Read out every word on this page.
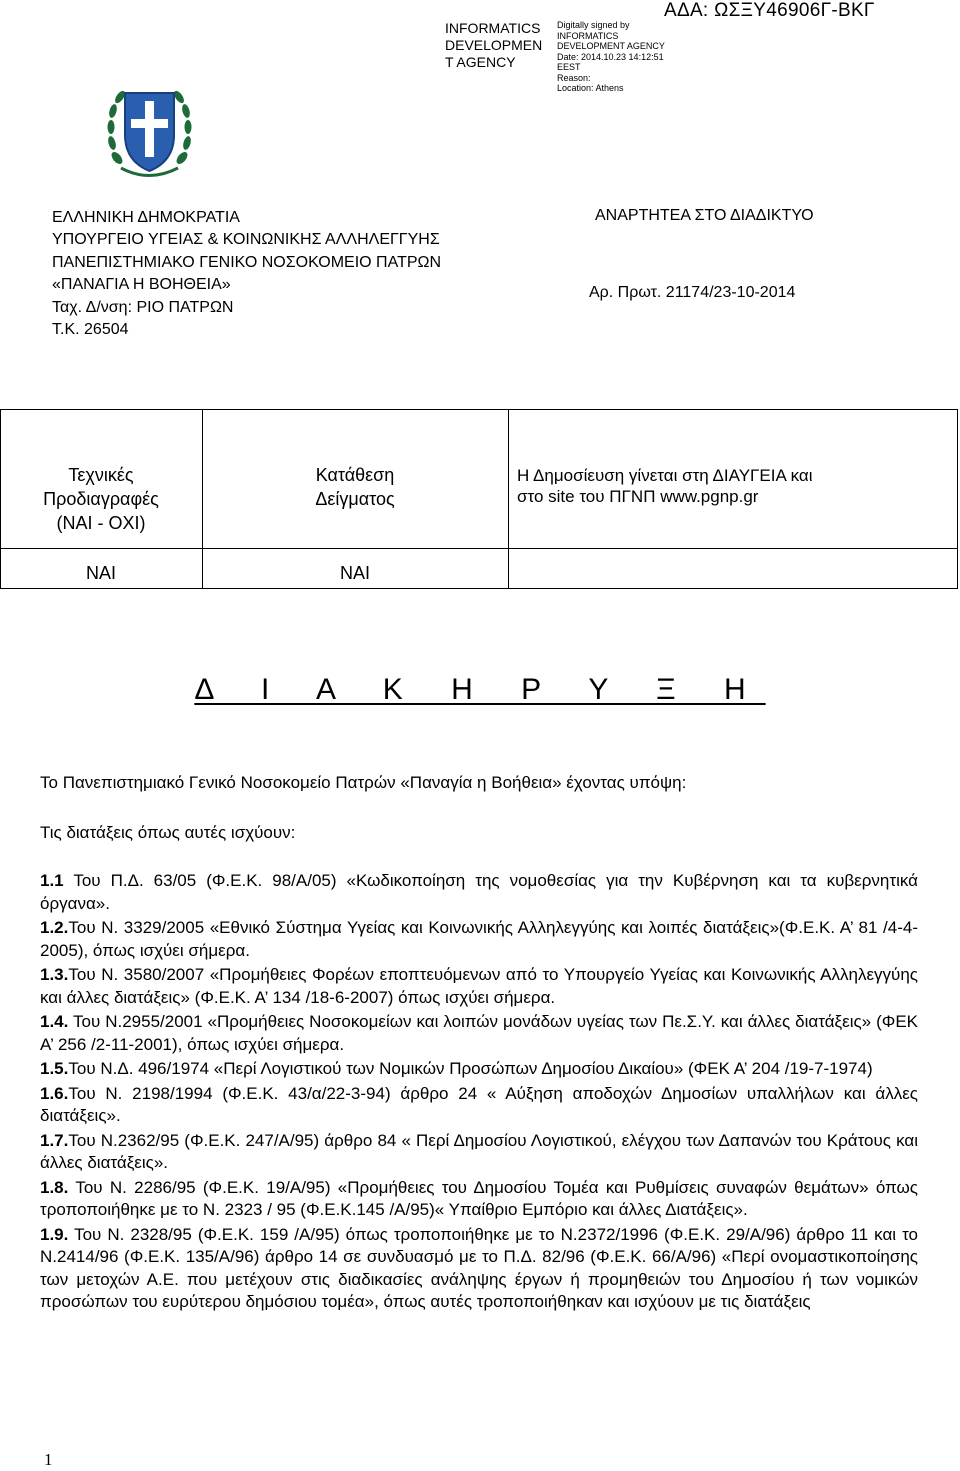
INFORMATICS
DEVELOPMEN
T AGENCY
Digitally signed by
INFORMATICS
DEVELOPMENT AGENCY
Date: 2014.10.23 14:12:51
EEST
Reason:
Location: Athens
ΑΔΑ: ΩΣΞΥ46906Γ-ΒΚΓ
ΕΛΛΗΝΙΚΗ ΔΗΜΟΚΡΑΤΙΑ
ΥΠΟΥΡΓΕΙΟ ΥΓΕΙΑΣ & ΚΟΙΝΩΝΙΚΗΣ ΑΛΛΗΛΕΓΓΥΗΣ
ΠΑΝΕΠΙΣΤΗΜΙΑΚΟ ΓΕΝΙΚΟ ΝΟΣΟΚΟΜΕΙΟ ΠΑΤΡΩΝ
«ΠΑΝΑΓΙΑ Η ΒΟΗΘΕΙΑ»
Ταχ. Δ/νση: ΡΙΟ ΠΑΤΡΩΝ
Τ.Κ. 26504
ΑΝΑΡΤΗΤΕΑ ΣΤΟ ΔΙΑΔΙΚΤΥΟ
Αρ. Πρωτ. 21174/23-10-2014
Τεχνικές
Προδιαγραφές
(ΝΑΙ - ΟΧΙ)
Κατάθεση
Δείγματος
Η Δημοσίευση γίνεται στη ΔΙΑΥΓΕΙΑ και
στο site του ΠΓΝΠ www.pgnp.gr
ΝΑΙ	ΝΑΙ
Δ Ι Α Κ Η Ρ Υ Ξ Η
Το Πανεπιστημιακό Γενικό Νοσοκομείο Πατρών «Παναγία η Βοήθεια» έχοντας υπόψη:
Τις διατάξεις όπως αυτές ισχύουν:
1.1 Του Π.Δ. 63/05 (Φ.Ε.Κ. 98/Α/05) «Κωδικοποίηση της νομοθεσίας για την Κυβέρνηση και τα κυβερνητικά όργανα».
1.2.Του Ν. 3329/2005 «Εθνικό Σύστημα Υγείας και Κοινωνικής Αλληλεγγύης και λοιπές διατάξεις»(Φ.Ε.Κ. Α’ 81 /4-4-2005), όπως ισχύει σήμερα.
1.3.Του Ν. 3580/2007 «Προμήθειες Φορέων εποπτευόμενων από το Υπουργείο Υγείας και Κοινωνικής Αλληλεγγύης και άλλες διατάξεις» (Φ.Ε.Κ. Α’ 134 /18-6-2007) όπως ισχύει σήμερα.
1.4. Του Ν.2955/2001 «Προμήθειες Νοσοκομείων και λοιπών μονάδων υγείας των Πε.Σ.Υ. και άλλες διατάξεις» (ΦΕΚ Α’ 256 /2-11-2001), όπως ισχύει σήμερα.
1.5.Του Ν.Δ. 496/1974 «Περί Λογιστικού των Νομικών Προσώπων Δημοσίου Δικαίου» (ΦΕΚ Α’ 204 /19-7-1974)
1.6.Του Ν. 2198/1994 (Φ.Ε.Κ. 43/α/22-3-94) άρθρο 24 « Αύξηση αποδοχών Δημοσίων υπαλλήλων και άλλες διατάξεις».
1.7.Του Ν.2362/95 (Φ.Ε.Κ. 247/Α/95) άρθρο 84 « Περί Δημοσίου Λογιστικού, ελέγχου των Δαπανών του Κράτους και άλλες διατάξεις».
1.8. Του Ν. 2286/95 (Φ.Ε.Κ. 19/Α/95) «Προμήθειες του Δημοσίου Τομέα και Ρυθμίσεις συναφών θεμάτων» όπως τροποποιήθηκε με το Ν. 2323 / 95 (Φ.Ε.Κ.145 /Α/95)« Υπαίθριο Εμπόριο και άλλες Διατάξεις».
1.9. Του Ν. 2328/95 (Φ.Ε.Κ. 159 /Α/95) όπως τροποποιήθηκε με το Ν.2372/1996 (Φ.Ε.Κ. 29/Α/96) άρθρο 11 και το Ν.2414/96 (Φ.Ε.Κ. 135/Α/96) άρθρο 14 σε συνδυασμό με το Π.Δ. 82/96 (Φ.Ε.Κ. 66/Α/96) «Περί ονομαστικοποίησης των μετοχών Α.Ε. που μετέχουν στις διαδικασίες ανάληψης έργων ή προμηθειών του Δημοσίου ή των νομικών προσώπων του ευρύτερου δημόσιου τομέα», όπως αυτές τροποποιήθηκαν και ισχύουν με τις διατάξεις
1
